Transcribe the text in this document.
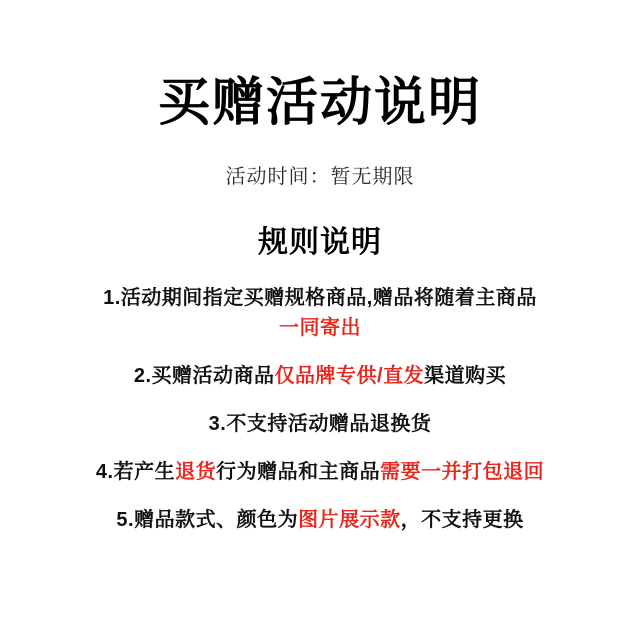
买赠活动说明
活动时间：暂无期限
规则说明
1.活动期间指定买赠规格商品,赠品将随着主商品
一同寄出
2.买赠活动商品仅品牌专供/直发渠道购买
3.不支持活动赠品退换货
4.若产生退货行为赠品和主商品需要一并打包退回
5.赠品款式、颜色为图片展示款，不支持更换
